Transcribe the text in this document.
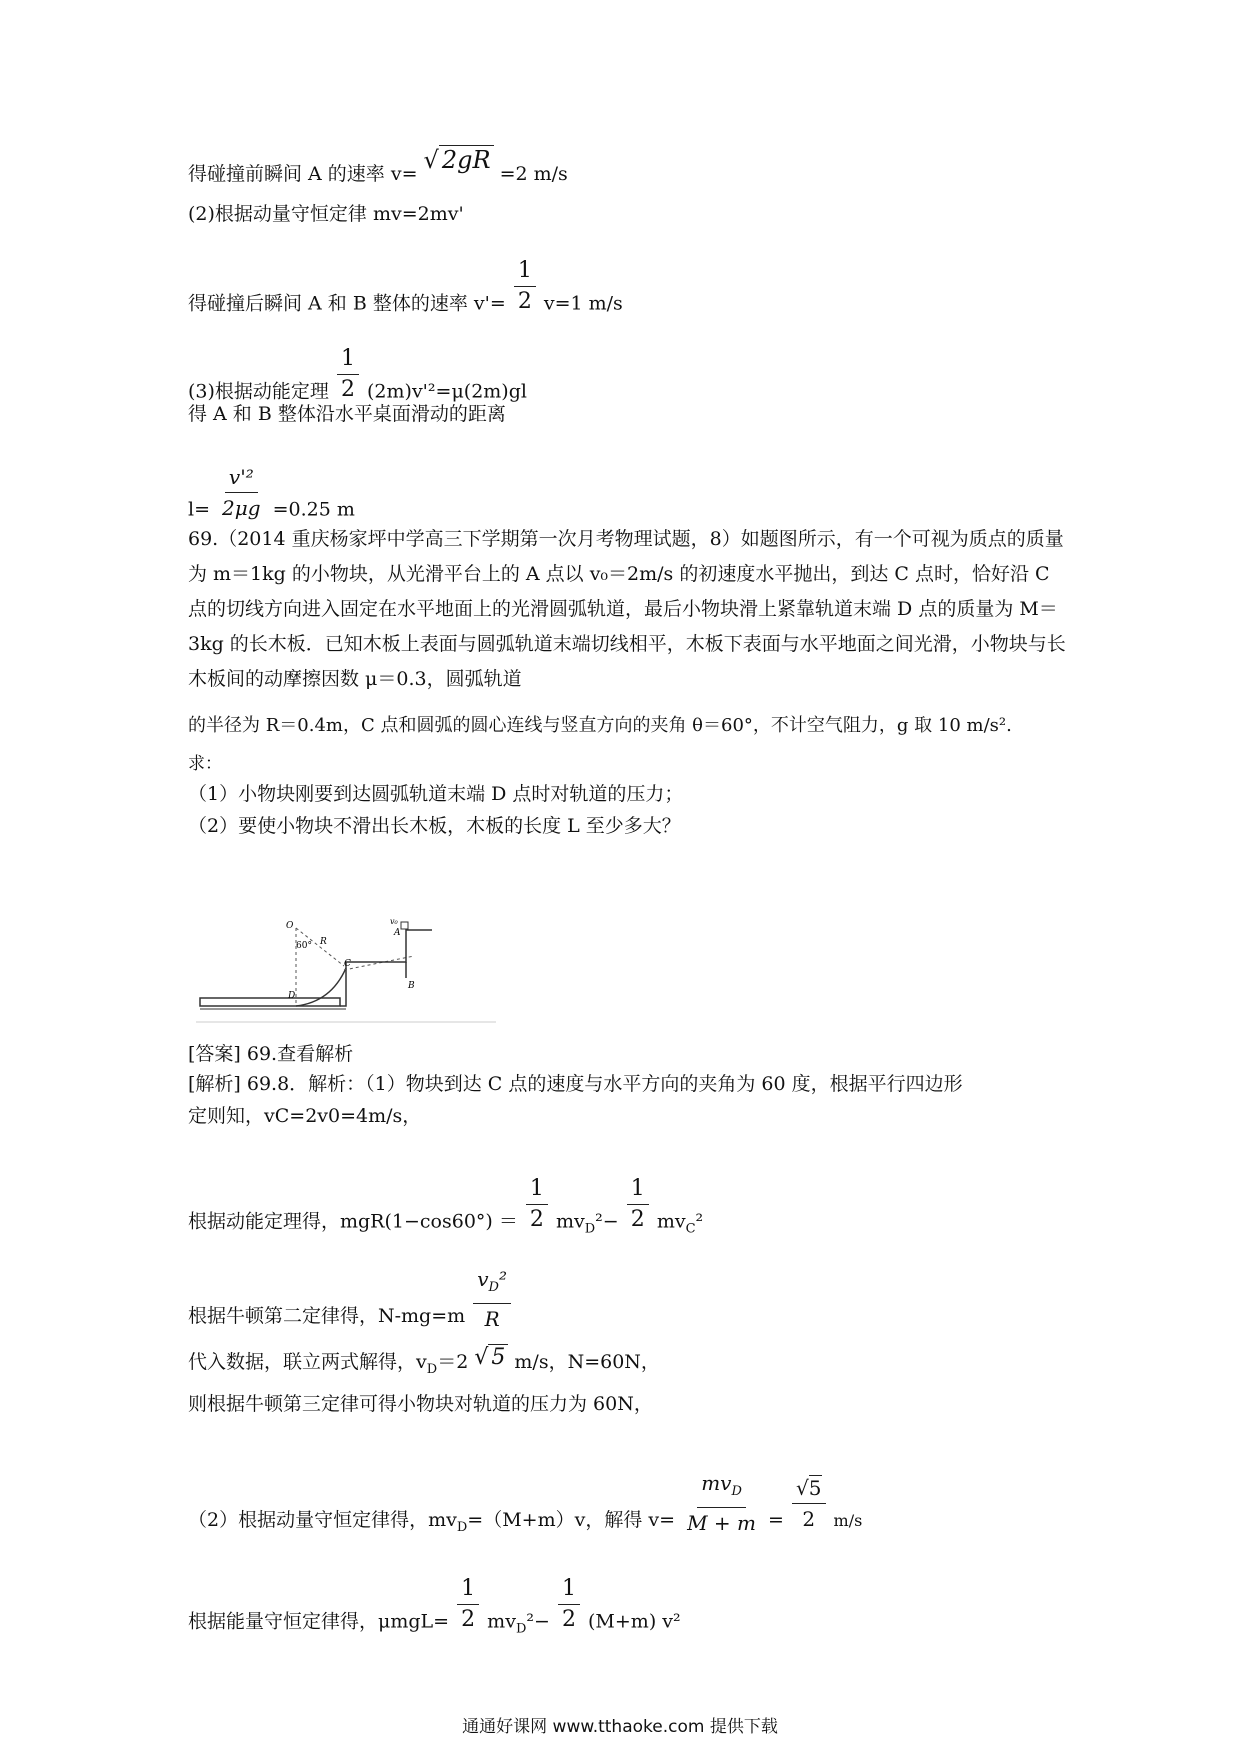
得碰撞前瞬间 A 的速率 v= √ 2gR =2 m/s
(2)根据动量守恒定律 mv=2mv'
得碰撞后瞬间 A 和 B 整体的速率 $v'= \frac{1}{2} v=1$ m/s
(3)根据动能定理 $\frac{1}{2} (2m)v'^2=\mu(2m)gl$
得 A 和 B 整体沿水平桌面滑动的距离
$l= \frac{\text{v'²}}{2\mu g} =0.25$ m
69.（2014 重庆杨家坪中学高三下学期第一次月考物理试题，8）如题图所示，有一个可视为质点的质量为 m＝1kg 的小物块，从光滑平台上的 A 点以 v₀＝2m/s 的初速度水平抛出，到达 C 点时，恰好沿 C 点的切线方向进入固定在水平地面上的光滑圆弧轨道，最后小物块滑上紧靠轨道末端 D 点的质量为 M＝3kg 的长木板．已知木板上表面与圆弧轨道末端切线相平，木板下表面与水平地面之间光滑，小物块与长木板间的动摩擦因数 μ＝0.3，圆弧轨道
的半径为 R＝0.4m，C 点和圆弧的圆心连线与竖直方向的夹角 θ＝60°，不计空气阻力，g 取 10 m/s².
求：
（1）小物块刚要到达圆弧轨道末端 D 点时对轨道的压力；
（2）要使小物块不滑出长木板，木板的长度 L 至少多大？
O
60° R
C
D
A
B
v₀
[答案] 69.查看解析
[解析] 69.8．解析：（1）物块到达 C 点的速度与水平方向的夹角为 60 度，根据平行四边形
定则知，vC=2v0=4m/s，
根据动能定理得，$mgR(1-\cos 60^\circ) = \frac{1}{2} mv_D^2- \frac{1}{2} mv_C^2$
根据牛顿第二定律得，$N-mg=m \frac{v_D^2}{R}$
代入数据，联立两式解得，$v_D=2$ √ 5 m/s，N=60N，
则根据牛顿第三定律可得小物块对轨道的压力为 60N，
（2）根据动量守恒定律得，$mv_D=(M+m)v$，解得 $v= \frac{mv_D}{M + m} = \frac{√5}{2} m/s$
根据能量守恒定律得，$\mu mgL= \frac{1}{2} mv_D^2- \frac{1}{2} (M+m)$ v²
通通好课网 www.tthaoke.com 提供下载
